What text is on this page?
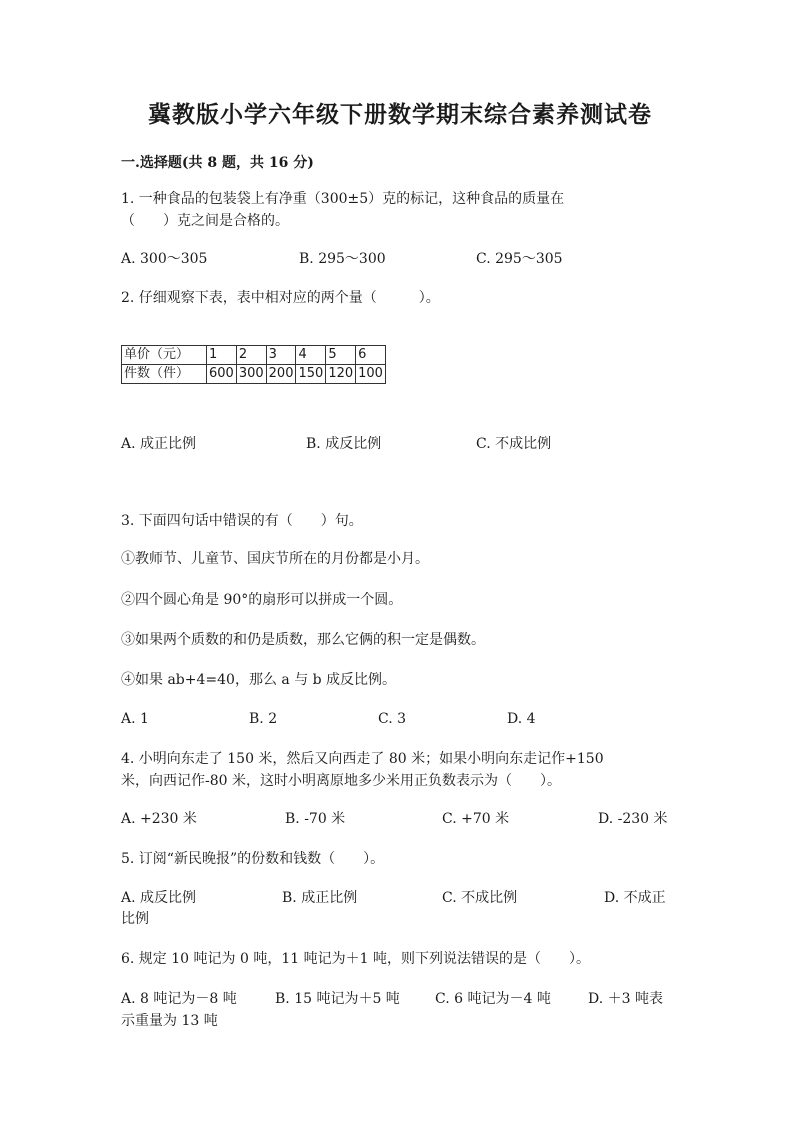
冀教版小学六年级下册数学期末综合素养测试卷
一.选择题(共 8 题，共 16 分)
1. 一种食品的包装袋上有净重（300±5）克的标记，这种食品的质量在
（　　）克之间是合格的。
A. 300～305	B. 295～300	C. 295～305
2. 仔细观察下表，表中相对应的两个量（　　　）。
单价（元）	1	2	3	4	5	6
件数（件）	600	300	200	150	120	100
A. 成正比例	B. 成反比例	C. 不成比例
3. 下面四句话中错误的有（　　）句。
①教师节、儿童节、国庆节所在的月份都是小月。
②四个圆心角是 90°的扇形可以拼成一个圆。
③如果两个质数的和仍是质数，那么它俩的积一定是偶数。
④如果 ab+4=40，那么 a 与 b 成反比例。
A. 1	B. 2	C. 3	D. 4
4. 小明向东走了 150 米，然后又向西走了 80 米；如果小明向东走记作+150
米，向西记作-80 米，这时小明离原地多少米用正负数表示为（　　）。
A. +230 米	B. -70 米	C. +70 米	D. -230 米
5. 订阅“新民晚报”的份数和钱数（　　）。
A. 成反比例	B. 成正比例	C. 不成比例	D. 不成正
比例
6. 规定 10 吨记为 0 吨，11 吨记为＋1 吨，则下列说法错误的是（　　）。
A. 8 吨记为－8 吨	B. 15 吨记为＋5 吨	C. 6 吨记为－4 吨	D. ＋3 吨表
示重量为 13 吨
